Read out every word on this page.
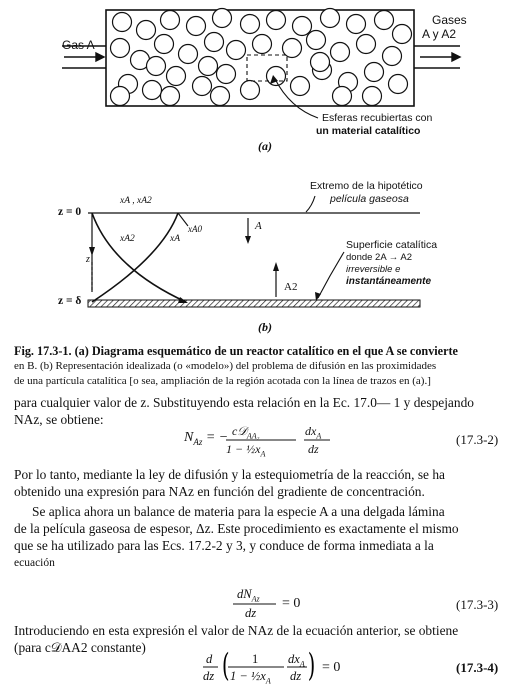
( )
Gas A
Gases
A y A2
Esferas recubiertas con
un material catalítico
(a)
z = 0
z = δ
z
xA , xA2
xA2	xA
xA0	A
A2
Extremo de la hipotético
película gaseosa
Superficie catalítica
donde 2A → A2
irreversible e
instantáneamente
(b)
Fig. 17.3-1. (a) Diagrama esquemático de un reactor catalítico en el que A se convierte
en B. (b) Representación idealizada (o «modelo») del problema de difusión en las proximidades
de una partícula catalítica [o sea, ampliación de la región acotada con la línea de trazos en (a).]
para cualquier valor de z. Substituyendo esta relación en la Ec. 17.0— 1 y despejando
NAz, se obtiene:
$N_{Az}$ = − c𝒟$_{AA_2}$
$1 - \frac{1}{2}x_A$
$dx_A$
dz
(17.3-2)
Por lo tanto, mediante la ley de difusión y la estequiometría de la reacción, se ha
obtenido una expresión para NAz en función del gradiente de concentración.
Se aplica ahora un balance de materia para la especie A a una delgada lámina
de la película gaseosa de espesor, Δz. Este procedimiento es exactamente el mismo
que se ha utilizado para las Ecs. 17.2-2 y 3, y conduce de forma inmediata a la
ecuación
$dN_{Az}$
dz
= 0	(17.3-3)
Introduciendo en esta expresión el valor de NAz de la ecuación anterior, se obtiene
(para c𝒟AA2 constante)
d
dz
1
$1 - \frac{1}{2}x_A$
$dx_A$
dz
= 0	(17.3-4)
